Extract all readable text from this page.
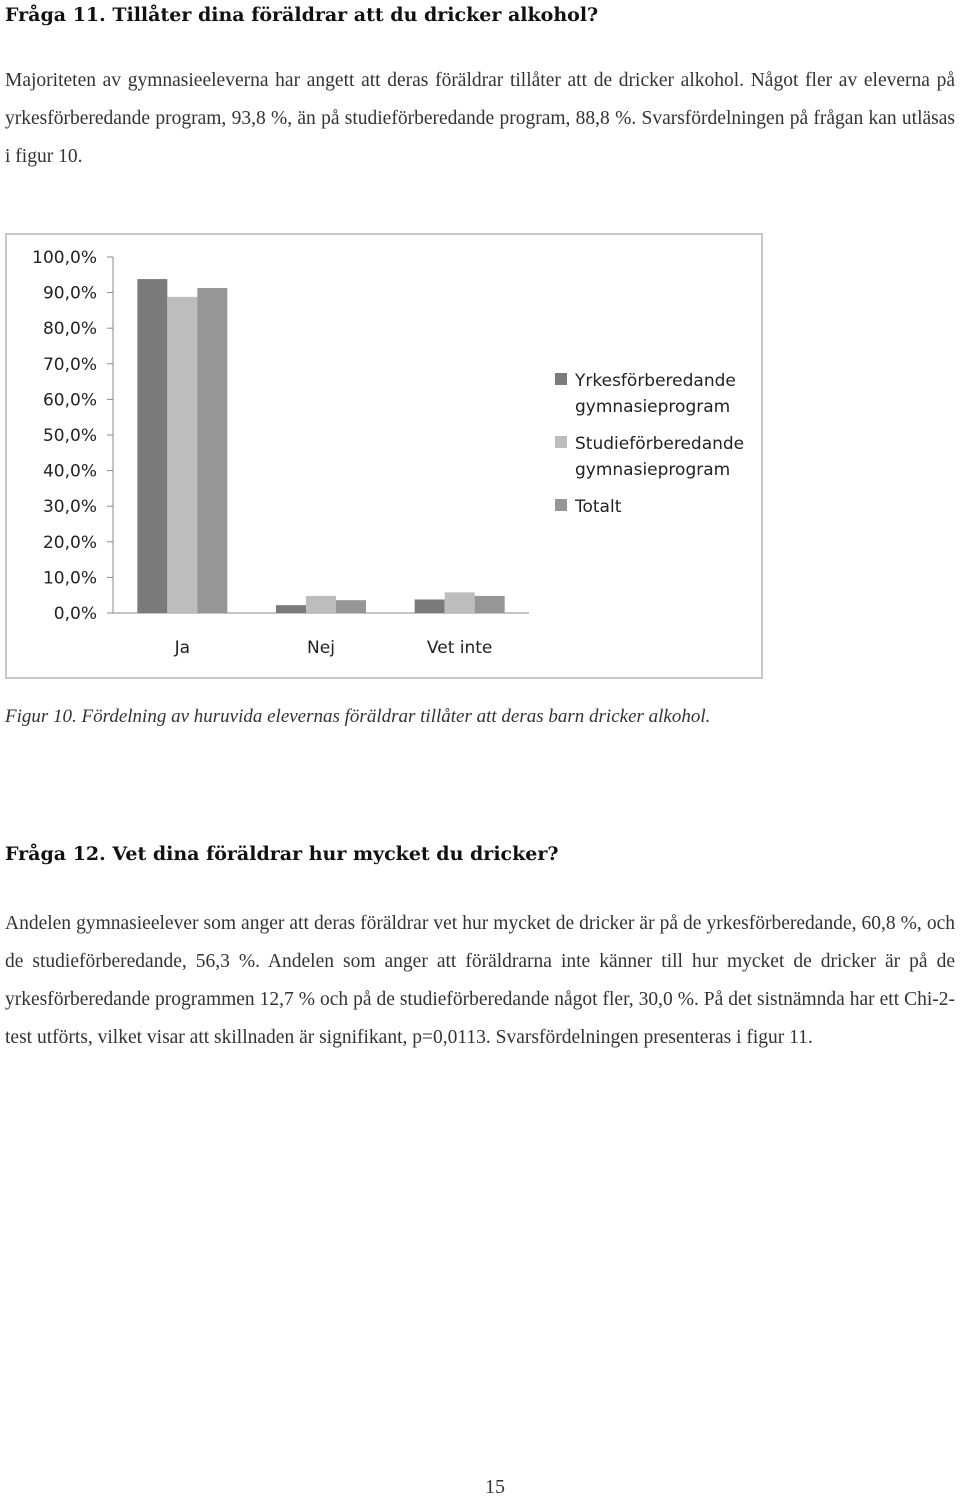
Fråga 11. Tillåter dina föräldrar att du dricker alkohol?

Majoriteten av gymnasieeleverna har angett att deras föräldrar tillåter att de dricker alkohol. Något fler av eleverna på yrkesförberedande program, 93,8 %, än på studieförberedande program, 88,8 %. Svarsfördelningen på frågan kan utläsas i figur 10.

0,0%
10,0%
20,0%
30,0%
40,0%
50,0%
60,0%
70,0%
80,0%
90,0%
100,0%
Ja	Nej	Vet inte
Yrkesförberedande gymnasieprogram
Studieförberedande gymnasieprogram
Totalt
Figur 10. Fördelning av huruvida elevernas föräldrar tillåter att deras barn dricker alkohol.
Fråga 12. Vet dina föräldrar hur mycket du dricker?

Andelen gymnasieelever som anger att deras föräldrar vet hur mycket de dricker är på de yrkesförberedande, 60,8 %, och de studieförberedande, 56,3 %. Andelen som anger att föräldrarna inte känner till hur mycket de dricker är på de yrkesförberedande programmen 12,7 % och på de studieförberedande något fler, 30,0 %. På det sistnämnda har ett Chi-2-test utförts, vilket visar att skillnaden är signifikant, p=0,0113. Svarsfördelningen presenteras i figur 11.

15
